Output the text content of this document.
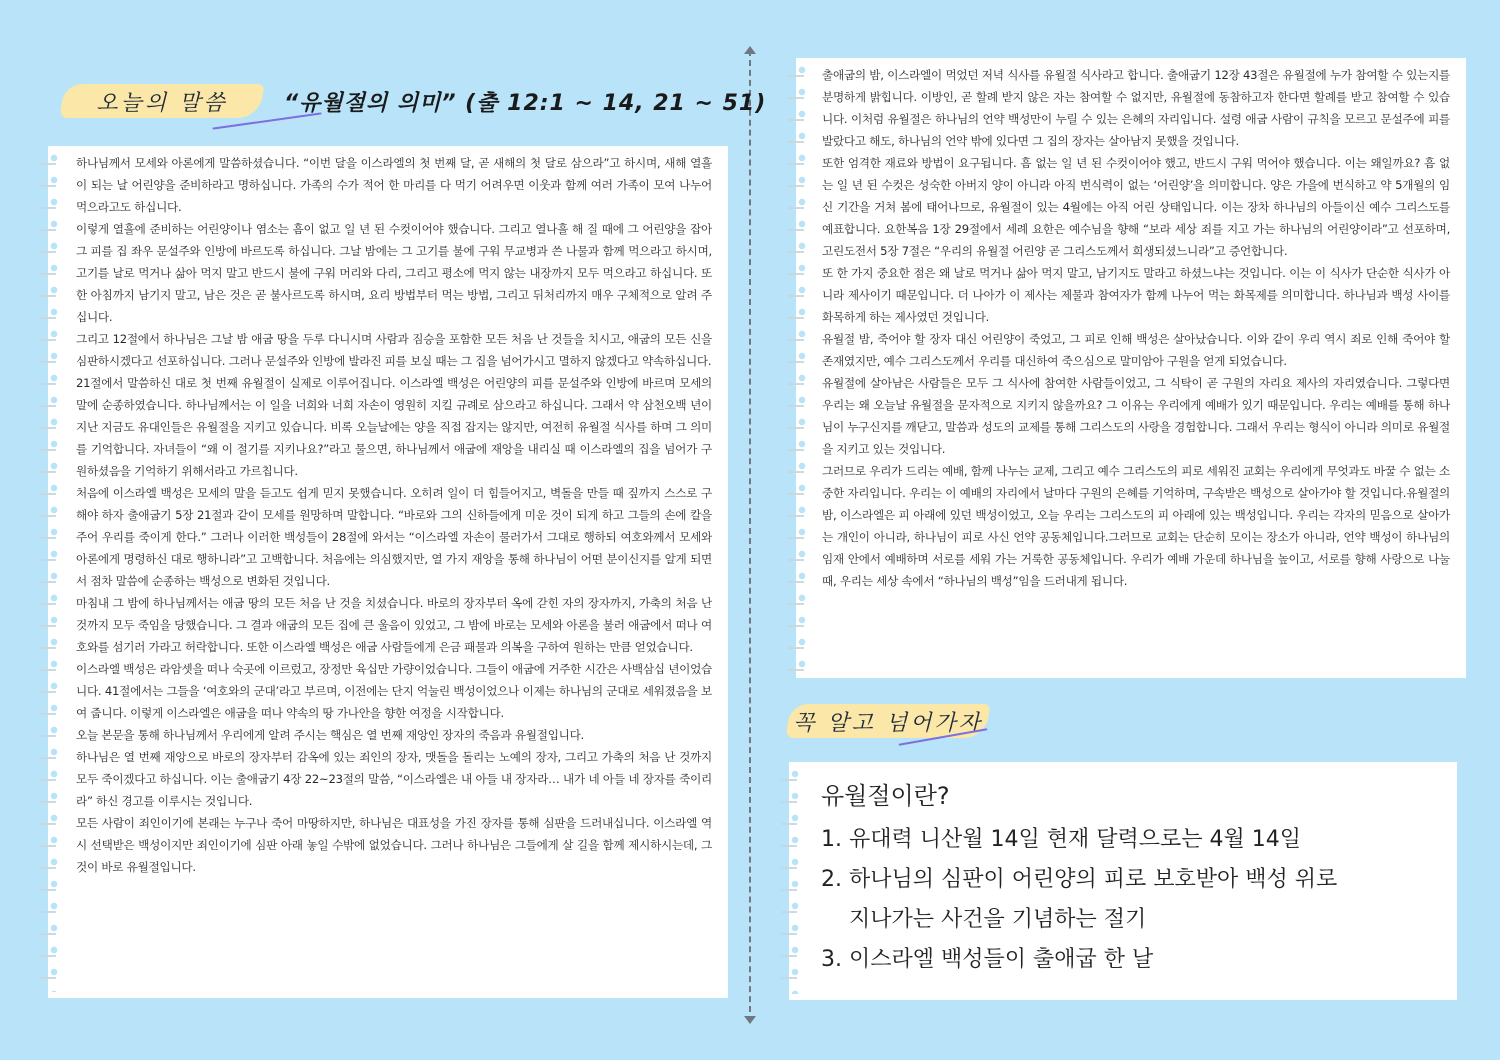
오늘의 말씀	“유월절의 의미” (출 12:1 ~ 14, 21 ~ 51)

하나님께서 모세와 아론에게 말씀하셨습니다. “이번 달을 이스라엘의 첫 번째 달, 곧 새해의 첫 달로 삼으라”고 하시며, 새해 열흘이 되는 날 어린양을 준비하라고 명하십니다. 가족의 수가 적어 한 마리를 다 먹기 어려우면 이웃과 함께 여러 가족이 모여 나누어 먹으라고도 하십니다.

이렇게 열흘에 준비하는 어린양이나 염소는 흠이 없고 일 년 된 수컷이어야 했습니다. 그리고 열나흘 해 질 때에 그 어린양을 잡아 그 피를 집 좌우 문설주와 인방에 바르도록 하십니다. 그날 밤에는 그 고기를 불에 구워 무교병과 쓴 나물과 함께 먹으라고 하시며, 고기를 날로 먹거나 삶아 먹지 말고 반드시 불에 구워 머리와 다리, 그리고 평소에 먹지 않는 내장까지 모두 먹으라고 하십니다. 또한 아침까지 남기지 말고, 남은 것은 곧 불사르도록 하시며, 요리 방법부터 먹는 방법, 그리고 뒤처리까지 매우 구체적으로 알려 주십니다.

그리고 12절에서 하나님은 그날 밤 애굽 땅을 두루 다니시며 사람과 짐승을 포함한 모든 처음 난 것들을 치시고, 애굽의 모든 신을 심판하시겠다고 선포하십니다. 그러나 문설주와 인방에 발라진 피를 보실 때는 그 집을 넘어가시고 멸하지 않겠다고 약속하십니다.

21절에서 말씀하신 대로 첫 번째 유월절이 실제로 이루어집니다. 이스라엘 백성은 어린양의 피를 문설주와 인방에 바르며 모세의 말에 순종하였습니다. 하나님께서는 이 일을 너희와 너희 자손이 영원히 지킬 규례로 삼으라고 하십니다. 그래서 약 삼천오백 년이 지난 지금도 유대인들은 유월절을 지키고 있습니다. 비록 오늘날에는 양을 직접 잡지는 않지만, 여전히 유월절 식사를 하며 그 의미를 기억합니다. 자녀들이 “왜 이 절기를 지키나요?”라고 물으면, 하나님께서 애굽에 재앙을 내리실 때 이스라엘의 집을 넘어가 구원하셨음을 기억하기 위해서라고 가르칩니다.

처음에 이스라엘 백성은 모세의 말을 듣고도 쉽게 믿지 못했습니다. 오히려 일이 더 힘들어지고, 벽돌을 만들 때 짚까지 스스로 구해야 하자 출애굽기 5장 21절과 같이 모세를 원망하며 말합니다. “바로와 그의 신하들에게 미운 것이 되게 하고 그들의 손에 칼을 주어 우리를 죽이게 한다.” 그러나 이러한 백성들이 28절에 와서는 “이스라엘 자손이 물러가서 그대로 행하되 여호와께서 모세와 아론에게 명령하신 대로 행하니라”고 고백합니다. 처음에는 의심했지만, 열 가지 재앙을 통해 하나님이 어떤 분이신지를 알게 되면서 점차 말씀에 순종하는 백성으로 변화된 것입니다.

마침내 그 밤에 하나님께서는 애굽 땅의 모든 처음 난 것을 치셨습니다. 바로의 장자부터 옥에 갇힌 자의 장자까지, 가축의 처음 난 것까지 모두 죽임을 당했습니다. 그 결과 애굽의 모든 집에 큰 울음이 있었고, 그 밤에 바로는 모세와 아론을 불러 애굽에서 떠나 여호와를 섬기러 가라고 허락합니다. 또한 이스라엘 백성은 애굽 사람들에게 은금 패물과 의복을 구하여 원하는 만큼 얻었습니다.

이스라엘 백성은 라암셋을 떠나 숙곳에 이르렀고, 장정만 육십만 가량이었습니다. 그들이 애굽에 거주한 시간은 사백삼십 년이었습니다. 41절에서는 그들을 ‘여호와의 군대’라고 부르며, 이전에는 단지 억눌린 백성이었으나 이제는 하나님의 군대로 세워졌음을 보여 줍니다. 이렇게 이스라엘은 애굽을 떠나 약속의 땅 가나안을 향한 여정을 시작합니다.

오늘 본문을 통해 하나님께서 우리에게 알려 주시는 핵심은 열 번째 재앙인 장자의 죽음과 유월절입니다.

하나님은 열 번째 재앙으로 바로의 장자부터 감옥에 있는 죄인의 장자, 맷돌을 돌리는 노예의 장자, 그리고 가축의 처음 난 것까지 모두 죽이겠다고 하십니다. 이는 출애굽기 4장 22~23절의 말씀, “이스라엘은 내 아들 내 장자라… 내가 네 아들 네 장자를 죽이리라” 하신 경고를 이루시는 것입니다.

모든 사람이 죄인이기에 본래는 누구나 죽어 마땅하지만, 하나님은 대표성을 가진 장자를 통해 심판을 드러내십니다. 이스라엘 역시 선택받은 백성이지만 죄인이기에 심판 아래 놓일 수밖에 없었습니다. 그러나 하나님은 그들에게 살 길을 함께 제시하시는데, 그것이 바로 유월절입니다.

출애굽의 밤, 이스라엘이 먹었던 저녁 식사를 유월절 식사라고 합니다. 출애굽기 12장 43절은 유월절에 누가 참여할 수 있는지를 분명하게 밝힙니다. 이방인, 곧 할례 받지 않은 자는 참여할 수 없지만, 유월절에 동참하고자 한다면 할례를 받고 참여할 수 있습니다. 이처럼 유월절은 하나님의 언약 백성만이 누릴 수 있는 은혜의 자리입니다. 설령 애굽 사람이 규칙을 모르고 문설주에 피를 발랐다고 해도, 하나님의 언약 밖에 있다면 그 집의 장자는 살아남지 못했을 것입니다.

또한 엄격한 재료와 방법이 요구됩니다. 흠 없는 일 년 된 수컷이어야 했고, 반드시 구워 먹어야 했습니다. 이는 왜일까요? 흠 없는 일 년 된 수컷은 성숙한 아버지 양이 아니라 아직 번식력이 없는 ‘어린양’을 의미합니다. 양은 가을에 번식하고 약 5개월의 임신 기간을 거쳐 봄에 태어나므로, 유월절이 있는 4월에는 아직 어린 상태입니다. 이는 장차 하나님의 아들이신 예수 그리스도를 예표합니다. 요한복음 1장 29절에서 세례 요한은 예수님을 향해 “보라 세상 죄를 지고 가는 하나님의 어린양이라”고 선포하며, 고린도전서 5장 7절은 “우리의 유월절 어린양 곧 그리스도께서 희생되셨느니라”고 증언합니다.

또 한 가지 중요한 점은 왜 날로 먹거나 삶아 먹지 말고, 남기지도 말라고 하셨느냐는 것입니다. 이는 이 식사가 단순한 식사가 아니라 제사이기 때문입니다. 더 나아가 이 제사는 제물과 참여자가 함께 나누어 먹는 화목제를 의미합니다. 하나님과 백성 사이를 화목하게 하는 제사였던 것입니다.

유월절 밤, 죽어야 할 장자 대신 어린양이 죽었고, 그 피로 인해 백성은 살아났습니다. 이와 같이 우리 역시 죄로 인해 죽어야 할 존재였지만, 예수 그리스도께서 우리를 대신하여 죽으심으로 말미암아 구원을 얻게 되었습니다.

유월절에 살아남은 사람들은 모두 그 식사에 참여한 사람들이었고, 그 식탁이 곧 구원의 자리요 제사의 자리였습니다. 그렇다면 우리는 왜 오늘날 유월절을 문자적으로 지키지 않을까요? 그 이유는 우리에게 예배가 있기 때문입니다. 우리는 예배를 통해 하나님이 누구신지를 깨닫고, 말씀과 성도의 교제를 통해 그리스도의 사랑을 경험합니다. 그래서 우리는 형식이 아니라 의미로 유월절을 지키고 있는 것입니다.

그러므로 우리가 드리는 예배, 함께 나누는 교제, 그리고 예수 그리스도의 피로 세워진 교회는 우리에게 무엇과도 바꿀 수 없는 소중한 자리입니다. 우리는 이 예배의 자리에서 날마다 구원의 은혜를 기억하며, 구속받은 백성으로 살아가야 할 것입니다.유월절의 밤, 이스라엘은 피 아래에 있던 백성이었고, 오늘 우리는 그리스도의 피 아래에 있는 백성입니다. 우리는 각자의 믿음으로 살아가는 개인이 아니라, 하나님이 피로 사신 언약 공동체입니다.그러므로 교회는 단순히 모이는 장소가 아니라, 언약 백성이 하나님의 임재 안에서 예배하며 서로를 세워 가는 거룩한 공동체입니다. 우리가 예배 가운데 하나님을 높이고, 서로를 향해 사랑으로 나눌 때, 우리는 세상 속에서 “하나님의 백성”임을 드러내게 됩니다.

꼭 알고 넘어가자
유월절이란?
1. 유대력 니산월 14일 현재 달력으로는 4월 14일
2. 하나님의 심판이 어린양의 피로 보호받아 백성 위로
지나가는 사건을 기념하는 절기
3. 이스라엘 백성들이 출애굽 한 날
